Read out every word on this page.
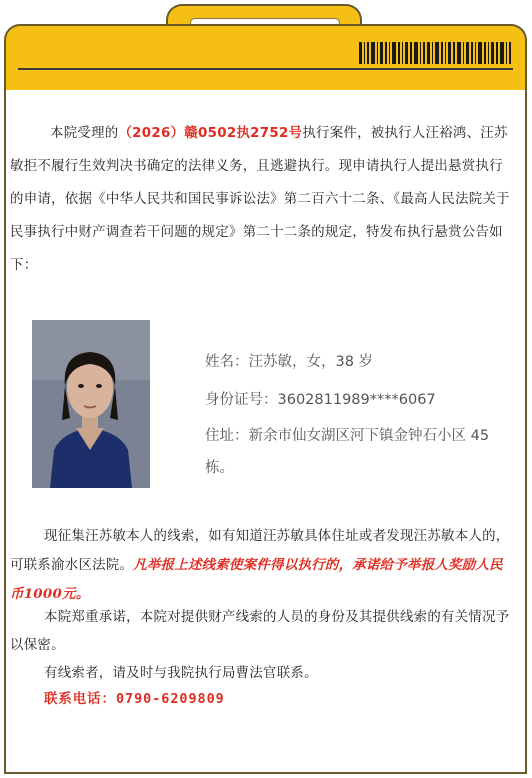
本院受理的（2026）赣0502执2752号执行案件，被执行人汪裕鸿、汪苏敏拒不履行生效判决书确定的法律义务，且逃避执行。现申请执行人提出悬赏执行的申请，依据《中华人民共和国民事诉讼法》第二百六十二条、《最高人民法院关于民事执行中财产调查若干问题的规定》第二十二条的规定，特发布执行悬赏公告如下：
姓名：汪苏敏，女，38 岁
身份证号：3602811989****6067
住址：新余市仙女湖区河下镇金钟石小区 45 栋。
现征集汪苏敏本人的线索，如有知道汪苏敏具体住址或者发现汪苏敏本人的，可联系渝水区法院。凡举报上述线索使案件得以执行的，承诺给予举报人奖励人民币1000元。
本院郑重承诺，本院对提供财产线索的人员的身份及其提供线索的有关情况予以保密。
有线索者，请及时与我院执行局曹法官联系。
联系电话：0790-6209809
